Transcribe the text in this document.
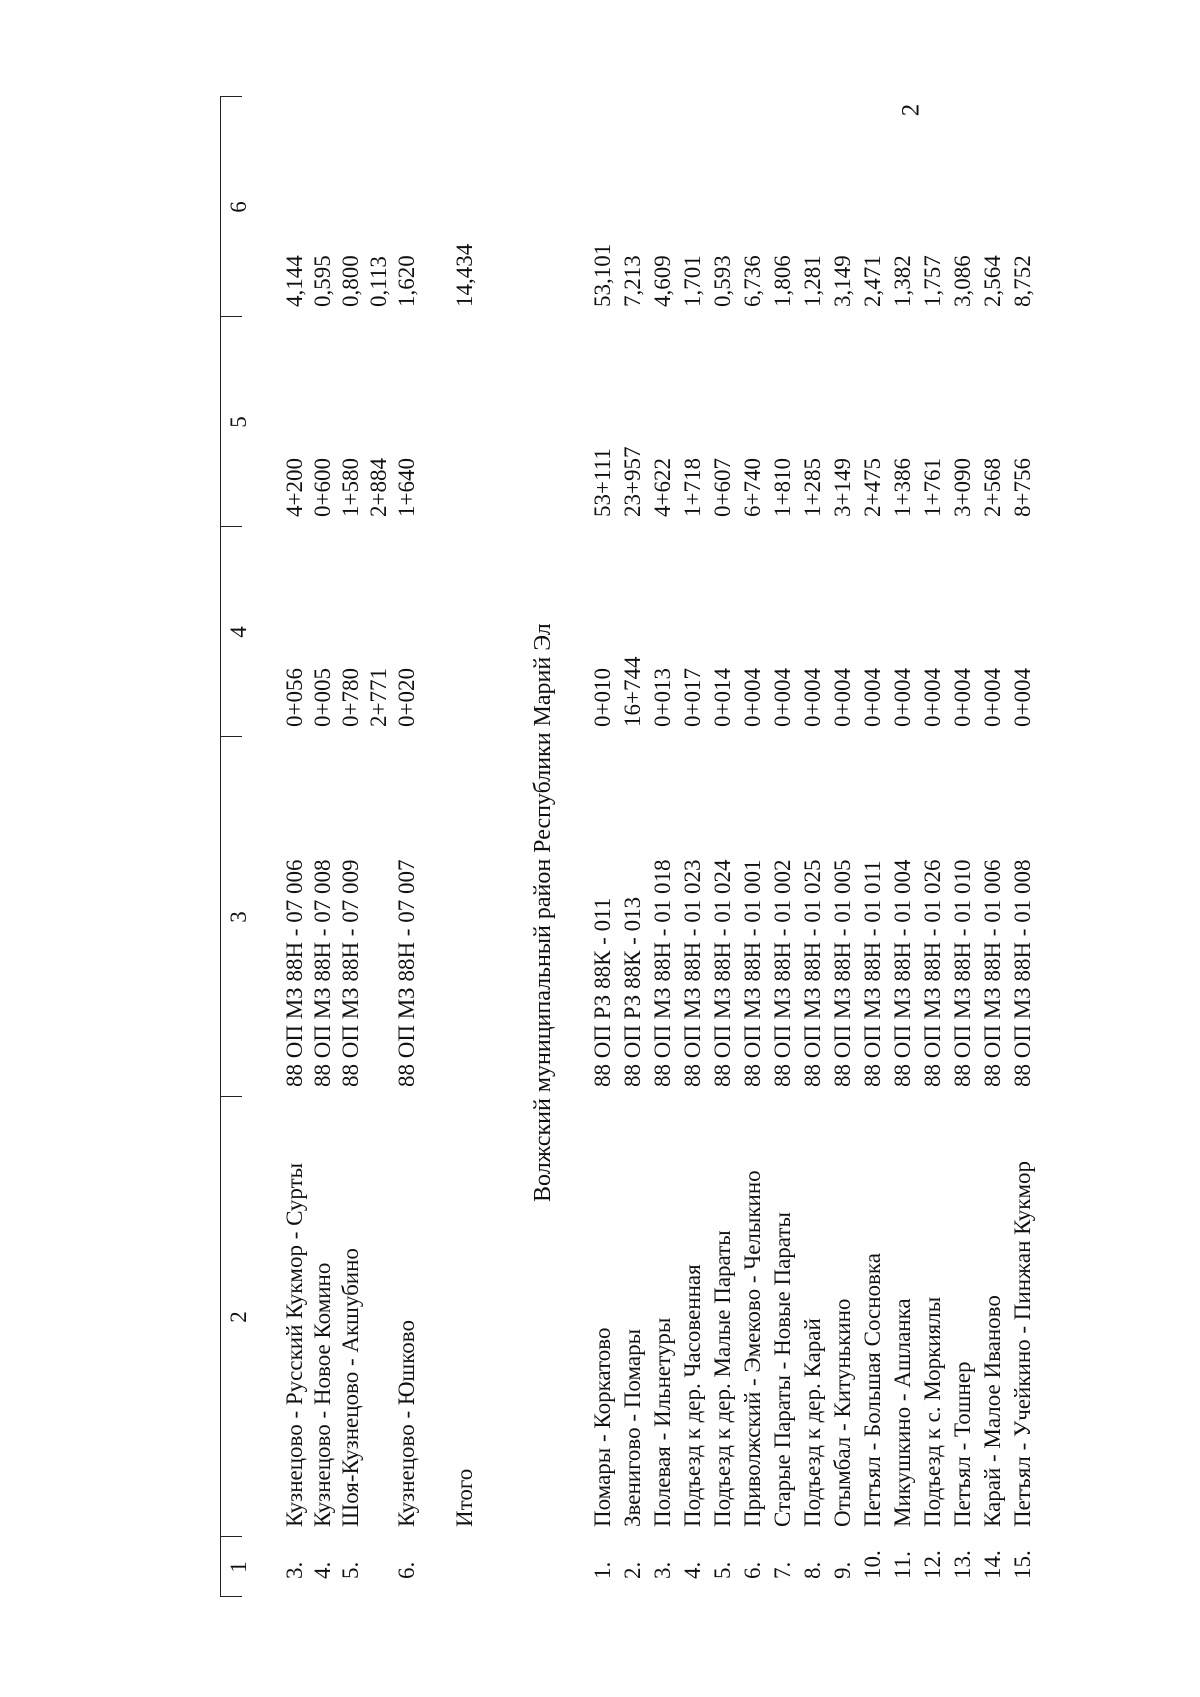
2
1
2
3
4
5
6
3.
Кузнецово - Русский Кукмор - Сурты
88 ОП МЗ 88Н - 07 006
0+056
4+200
4,144
4.
Кузнецово - Новое Комино
88 ОП МЗ 88Н - 07 008
0+005
0+600
0,595
5.
Шоя-Кузнецово - Акшубино
88 ОП МЗ 88Н - 07 009
0+780
1+580
0,800
2+771
2+884
0,113
6.
Кузнецово - Юшково
88 ОП МЗ 88Н - 07 007
0+020
1+640
1,620
Итого
14,434
Волжский муниципальный район Республики Марий Эл
1.
Помары - Коркатово
88 ОП РЗ 88К - 011
0+010
53+111
53,101
2.
Звенигово - Помары
88 ОП РЗ 88К - 013
16+744
23+957
7,213
3.
Полевая - Ильнетуры
88 ОП МЗ 88Н - 01 018
0+013
4+622
4,609
4.
Подъезд к дер. Часовенная
88 ОП МЗ 88Н - 01 023
0+017
1+718
1,701
5.
Подъезд к дер. Малые Параты
88 ОП МЗ 88Н - 01 024
0+014
0+607
0,593
6.
Приволжский - Эмеково - Челыкино
88 ОП МЗ 88Н - 01 001
0+004
6+740
6,736
7.
Старые Параты - Новые Параты
88 ОП МЗ 88Н - 01 002
0+004
1+810
1,806
8.
Подъезд к дер. Карай
88 ОП МЗ 88Н - 01 025
0+004
1+285
1,281
9.
Отымбал - Китунькино
88 ОП МЗ 88Н - 01 005
0+004
3+149
3,149
10.
Петъял - Большая Сосновка
88 ОП МЗ 88Н - 01 011
0+004
2+475
2,471
11.
Микушкино - Ашланка
88 ОП МЗ 88Н - 01 004
0+004
1+386
1,382
12.
Подъезд к с. Моркиялы
88 ОП МЗ 88Н - 01 026
0+004
1+761
1,757
13.
Петъял - Тошнер
88 ОП МЗ 88Н - 01 010
0+004
3+090
3,086
14.
Карай - Малое Иваново
88 ОП МЗ 88Н - 01 006
0+004
2+568
2,564
15.
Петъял - Учейкино - Пинжан Кукмор
88 ОП МЗ 88Н - 01 008
0+004
8+756
8,752
